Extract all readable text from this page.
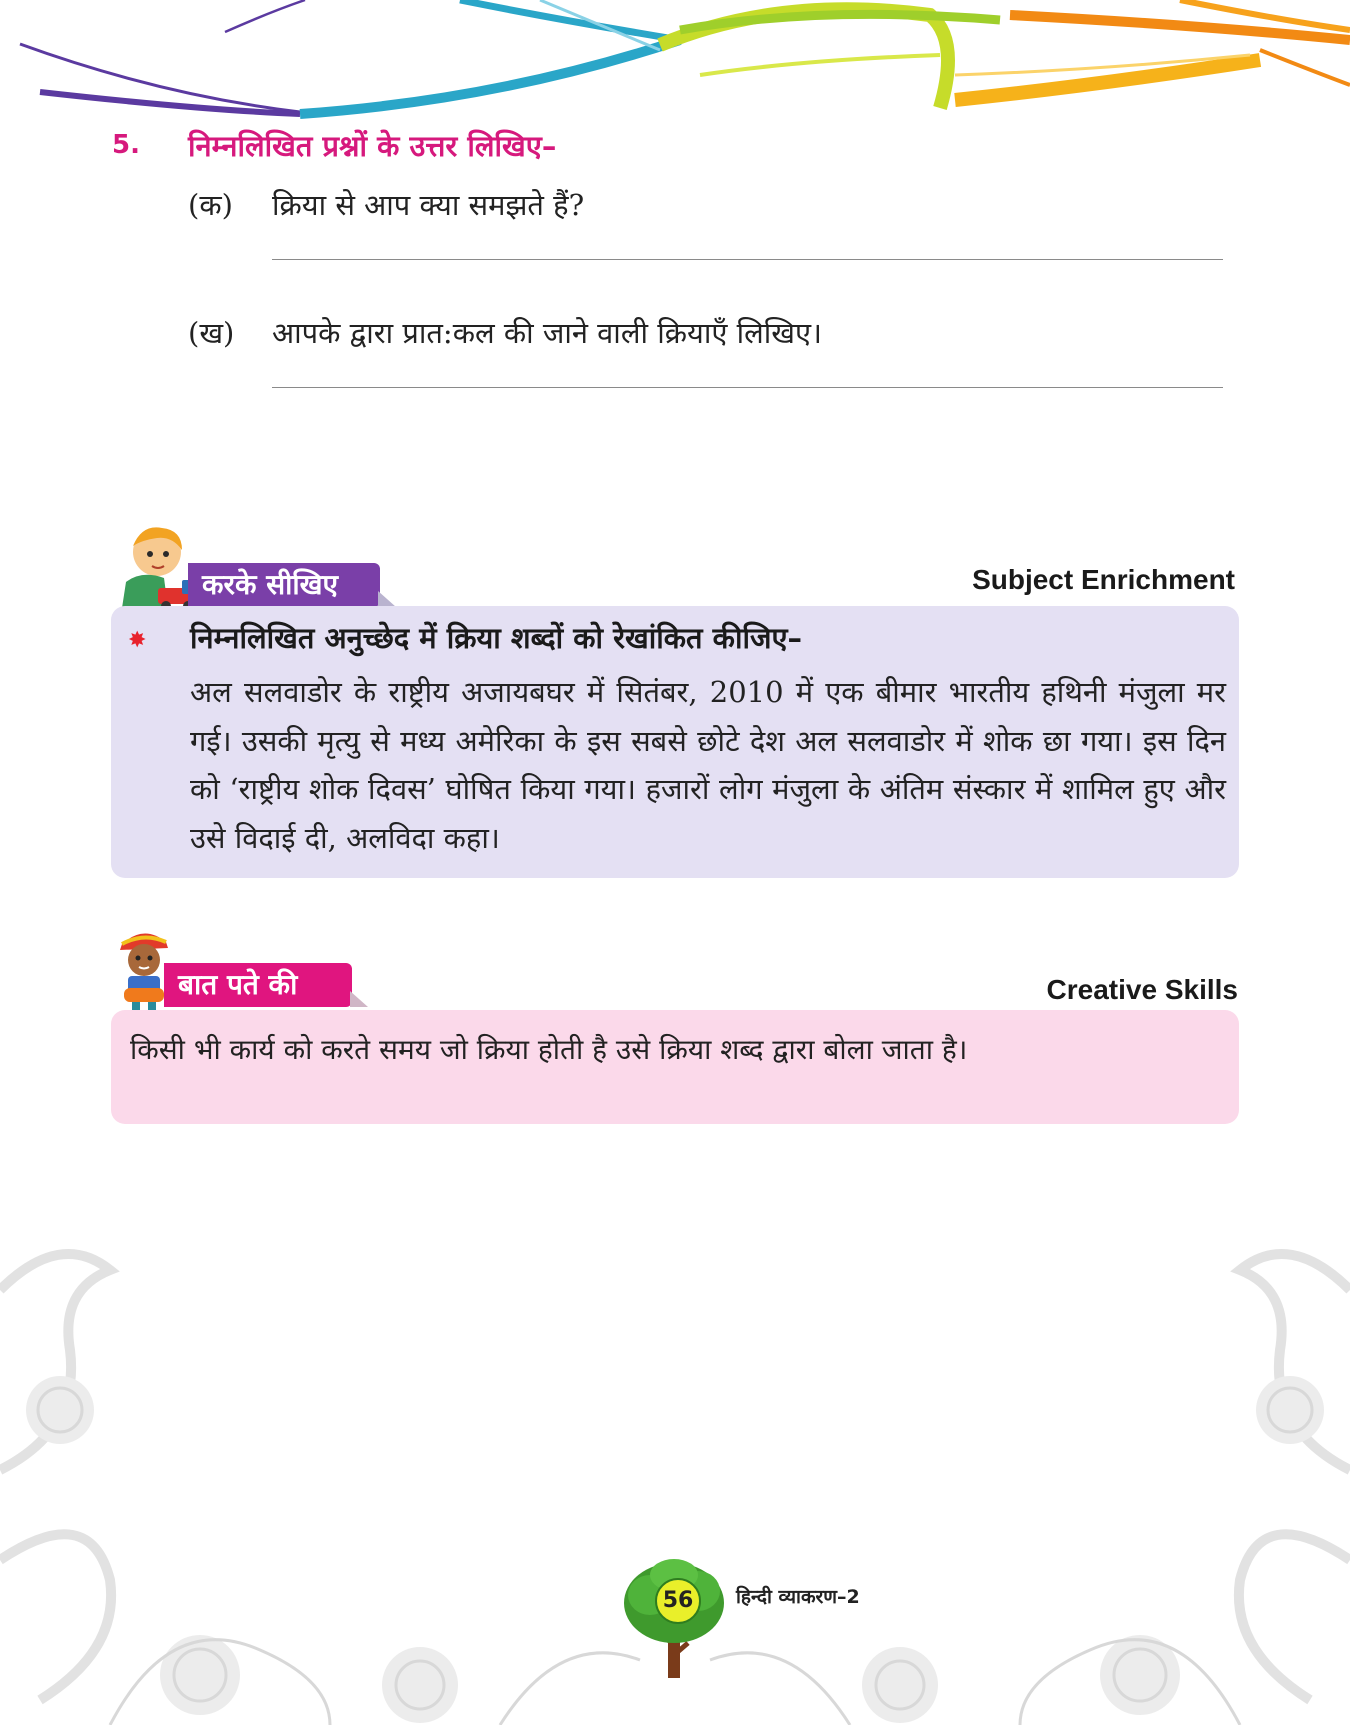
5. निम्नलिखित प्रश्नों के उत्तर लिखिए–
(क) क्रिया से आप क्या समझते हैं?
(ख) आपके द्वारा प्रात:कल की जाने वाली क्रियाएँ लिखिए।
करके सीखिए	Subject Enrichment
✸ निम्नलिखित अनुच्छेद में क्रिया शब्दों को रेखांकित कीजिए–
अल सलवाडोर के राष्ट्रीय अजायबघर में सितंबर, 2010 में एक बीमार भारतीय हथिनी मंजुला मर गई। उसकी मृत्यु से मध्य अमेरिका के इस सबसे छोटे देश अल सलवाडोर में शोक छा गया। इस दिन को ‘राष्ट्रीय शोक दिवस’ घोषित किया गया। हजारों लोग मंजुला के अंतिम संस्कार में शामिल हुए और उसे विदाई दी, अलविदा कहा।
बात पते की	Creative Skills
किसी भी कार्य को करते समय जो क्रिया होती है उसे क्रिया शब्द द्वारा बोला जाता है।
56	हिन्दी व्याकरण–2
